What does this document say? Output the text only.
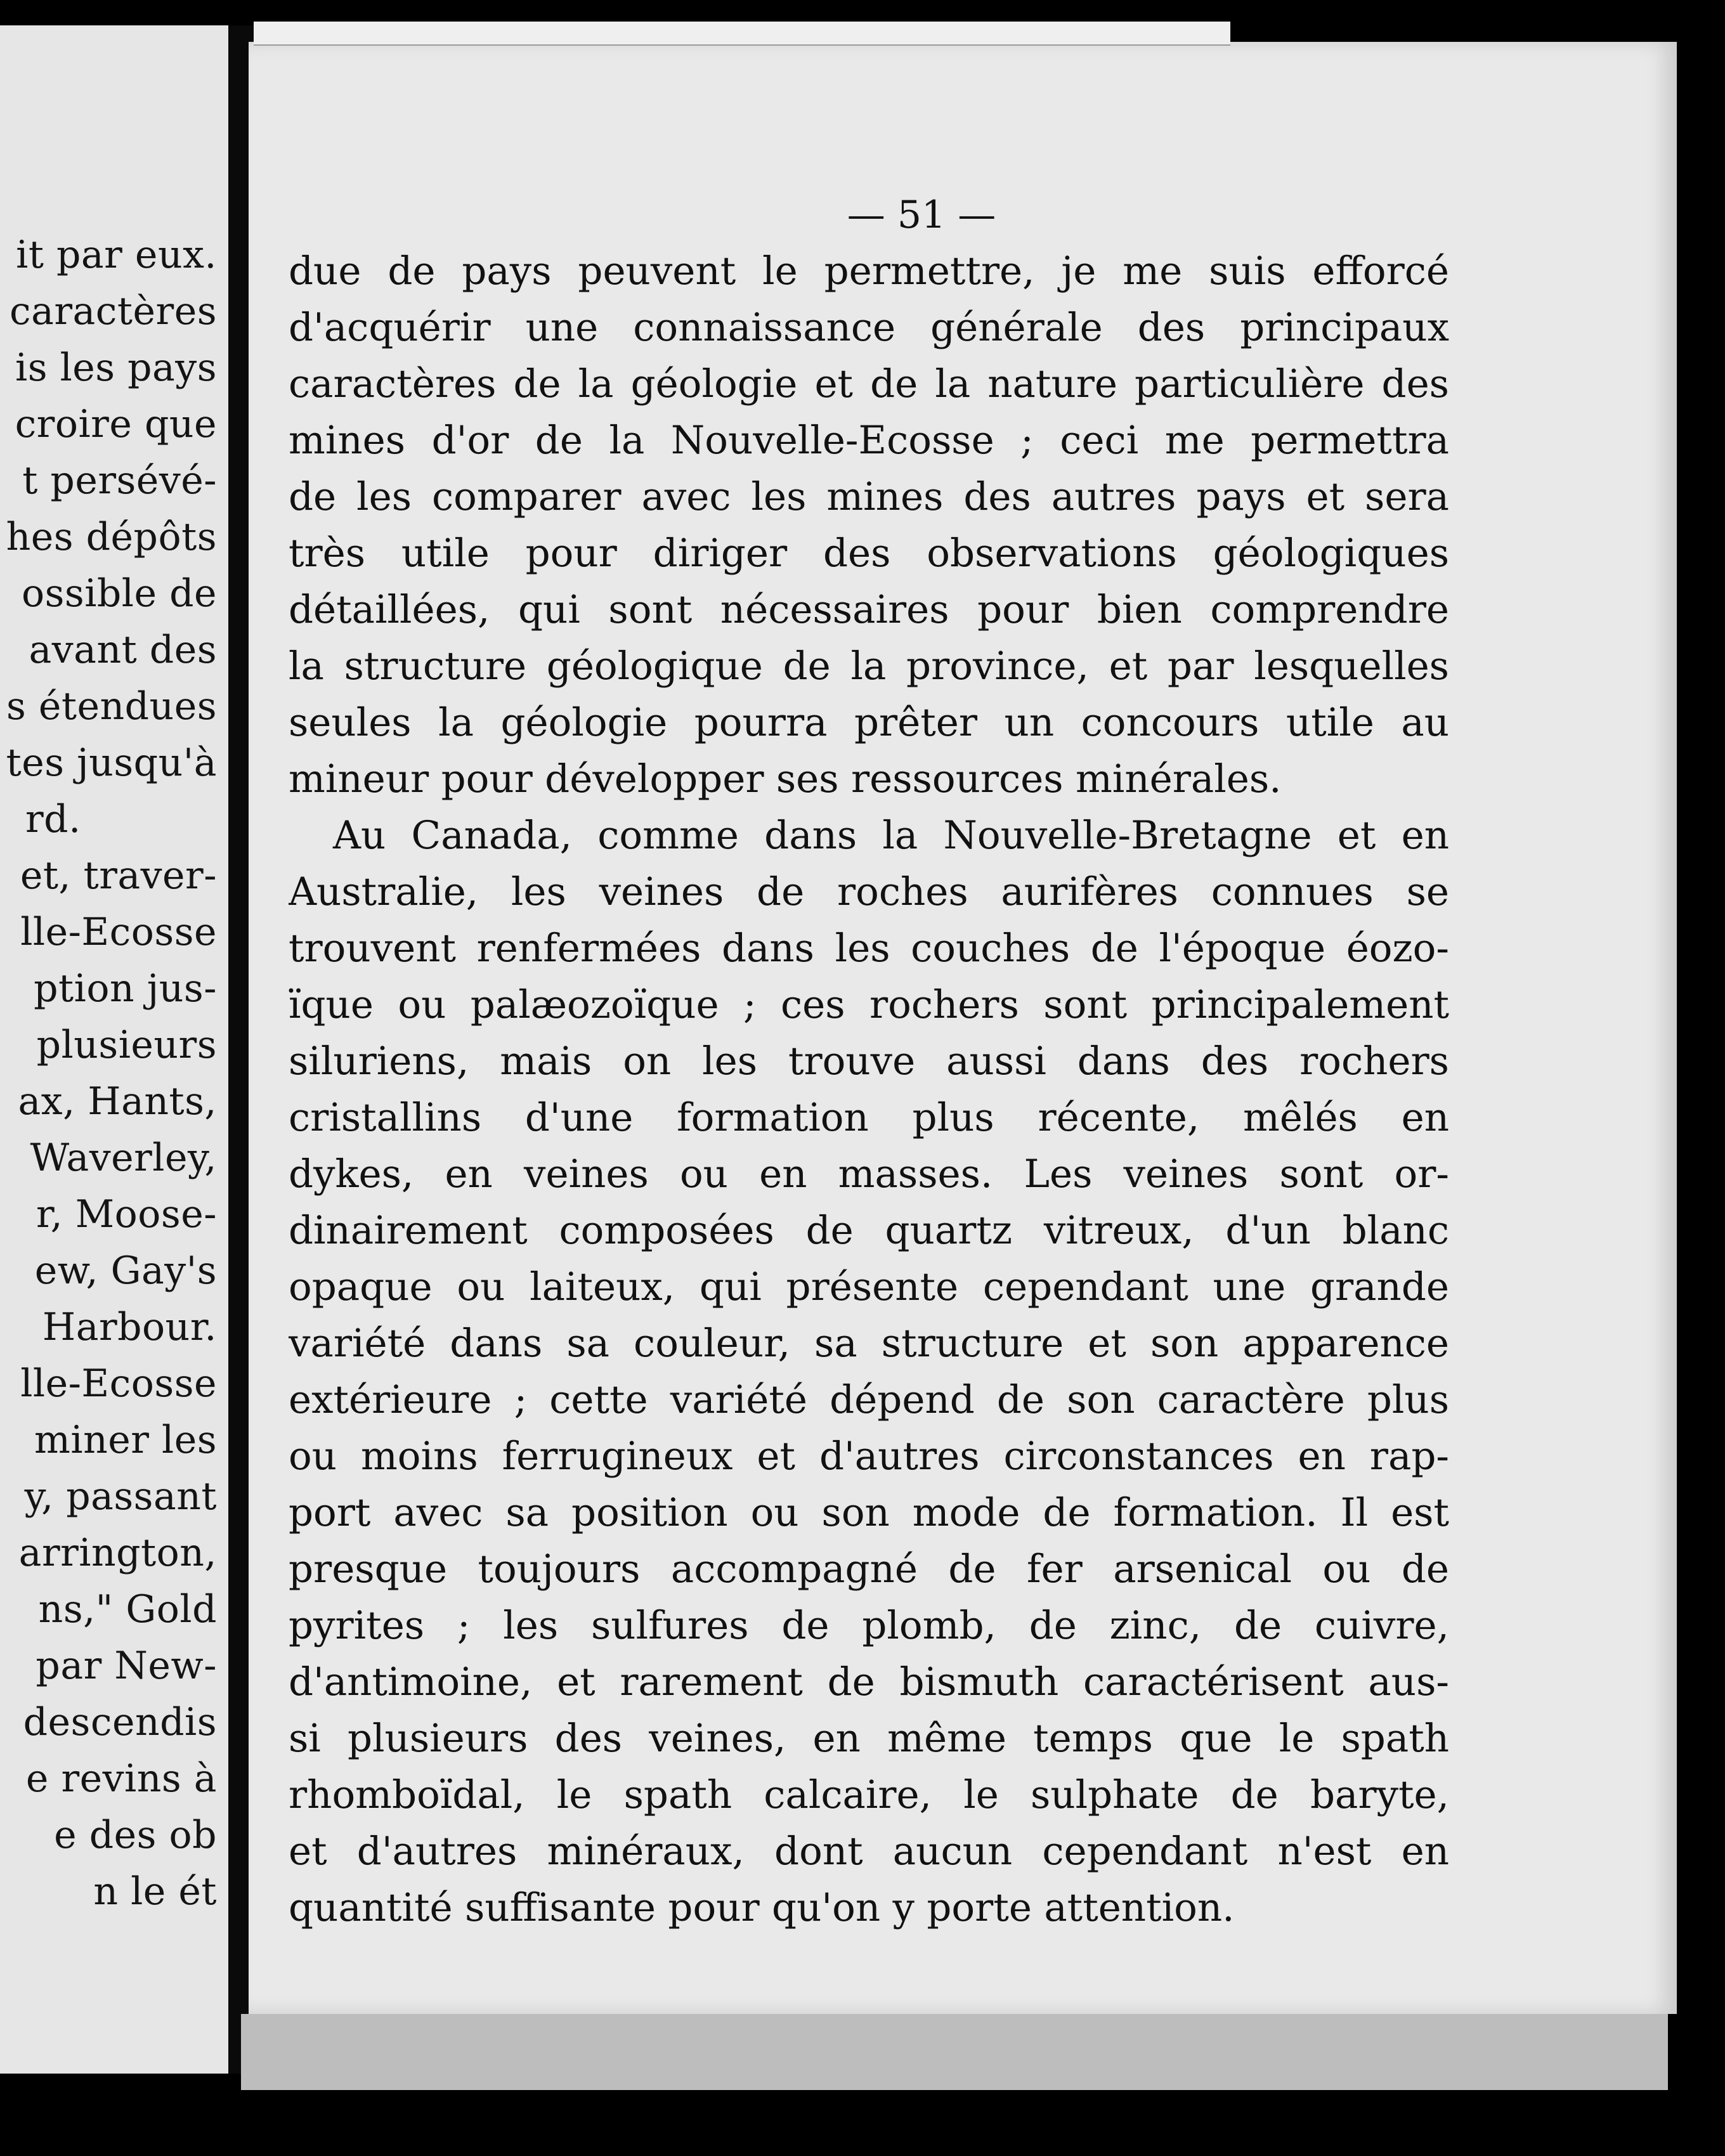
it par eux.
caractères
is les pays
croire que
t persévé-
hes dépôts
ossible de
avant des
s étendues
tes jusqu'à
rd.
et, traver-
lle-Ecosse
ption jus-
plusieurs
ax, Hants,
Waverley,
r, Moose-
ew, Gay's
Harbour.
lle-Ecosse
miner les
y, passant
arrington,
ns," Gold
par New-
descendis
e revins à
e des ob
n le ét
— 51 —
due de pays peuvent le permettre, je me suis efforcé
d'acquérir une connaissance générale des principaux
caractères de la géologie et de la nature particulière des
mines d'or de la Nouvelle-Ecosse ; ceci me permettra
de les comparer avec les mines des autres pays et sera
très utile pour diriger des observations géologiques
détaillées, qui sont nécessaires pour bien comprendre
la structure géologique de la province, et par lesquelles
seules la géologie pourra prêter un concours utile au
mineur pour développer ses ressources minérales.
Au Canada, comme dans la Nouvelle-Bretagne et en
Australie, les veines de roches aurifères connues se
trouvent renfermées dans les couches de l'époque éozo-
ïque ou palæozoïque ; ces rochers sont principalement
siluriens, mais on les trouve aussi dans des rochers
cristallins d'une formation plus récente, mêlés en
dykes, en veines ou en masses. Les veines sont or-
dinairement composées de quartz vitreux, d'un blanc
opaque ou laiteux, qui présente cependant une grande
variété dans sa couleur, sa structure et son apparence
extérieure ; cette variété dépend de son caractère plus
ou moins ferrugineux et d'autres circonstances en rap-
port avec sa position ou son mode de formation. Il est
presque toujours accompagné de fer arsenical ou de
pyrites ; les sulfures de plomb, de zinc, de cuivre,
d'antimoine, et rarement de bismuth caractérisent aus-
si plusieurs des veines, en même temps que le spath
rhomboïdal, le spath calcaire, le sulphate de baryte,
et d'autres minéraux, dont aucun cependant n'est en
quantité suffisante pour qu'on y porte attention.
